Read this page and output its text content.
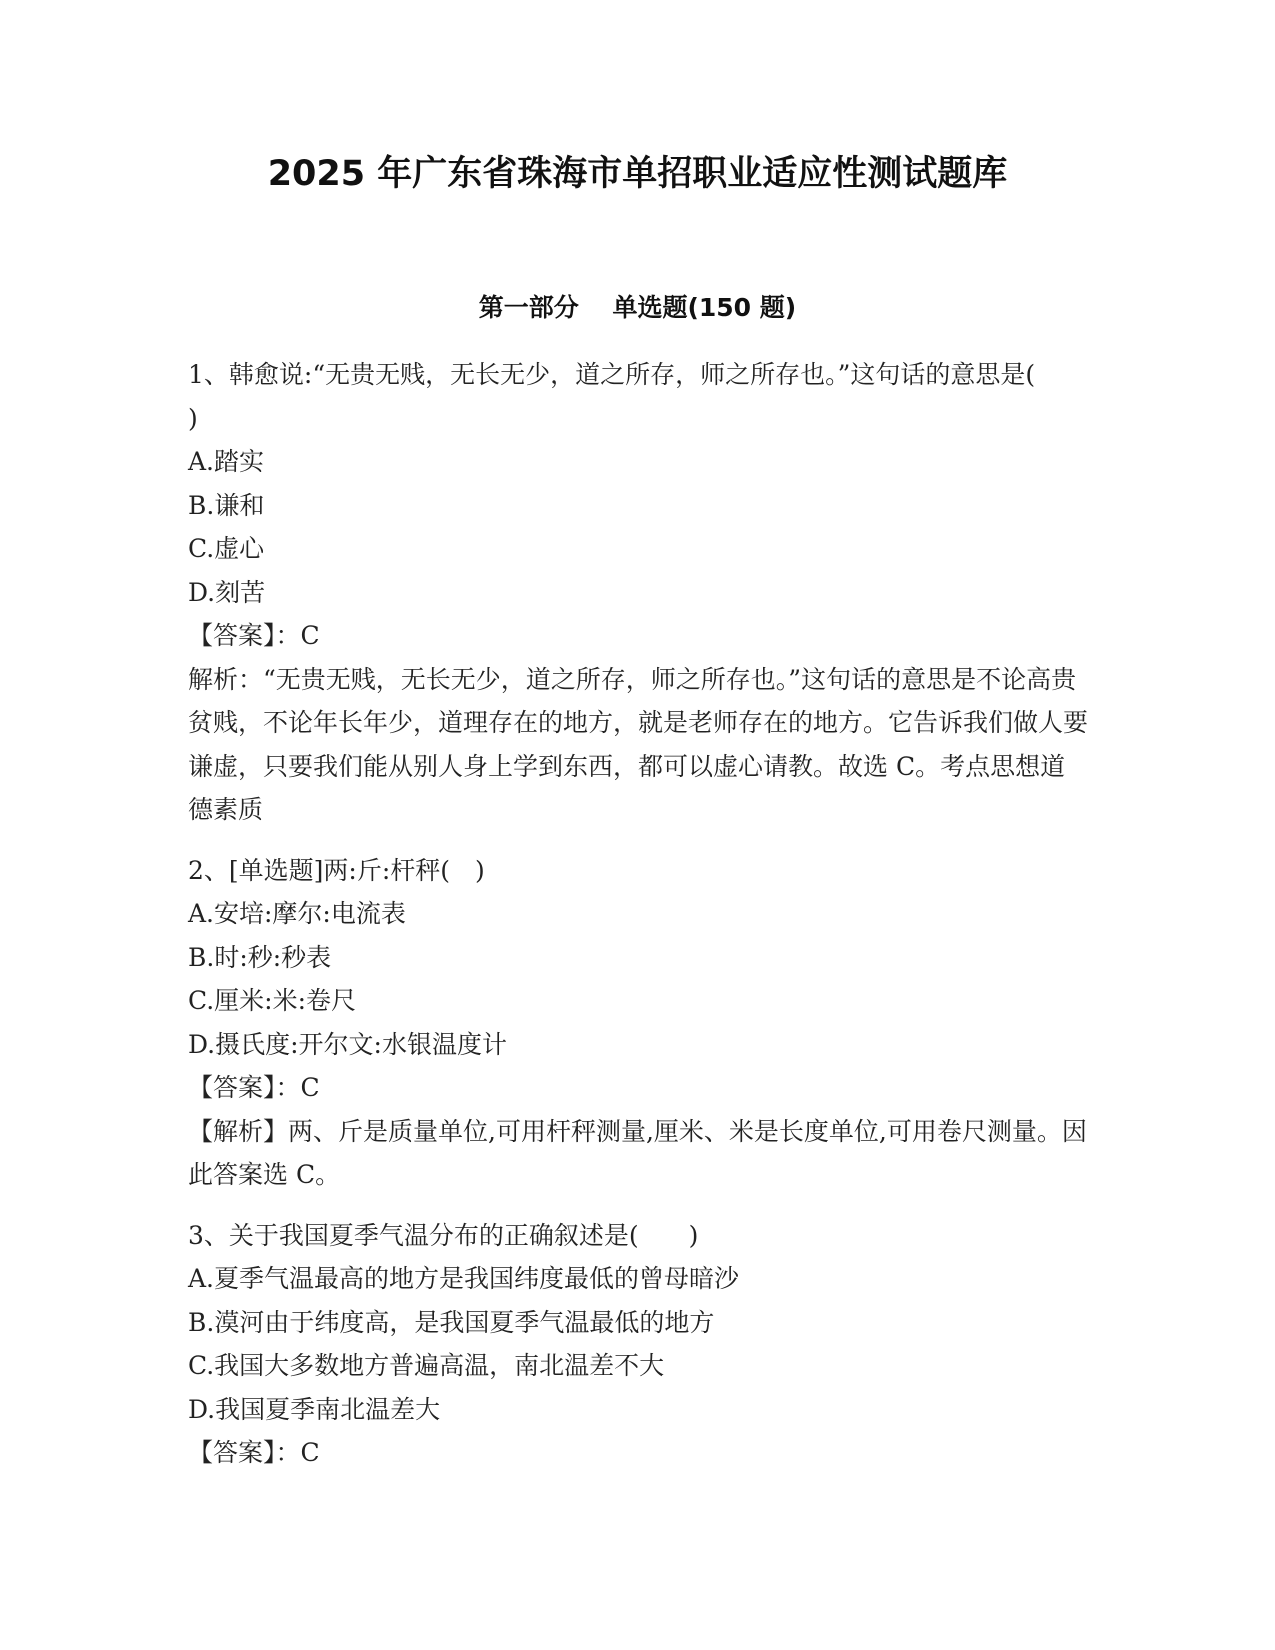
2025 年广东省珠海市单招职业适应性测试题库
第一部分　 单选题(150 题)

1、韩愈说:“无贵无贱，无长无少，道之所存，师之所存也。”这句话的意思是(　　)

A.踏实

B.谦和

C.虚心

D.刻苦

【答案】：C

解析：“无贵无贱，无长无少，道之所存，师之所存也。”这句话的意思是不论高贵贫贱，不论年长年少，道理存在的地方，就是老师存在的地方。它告诉我们做人要谦虚，只要我们能从别人身上学到东西，都可以虚心请教。故选 C。考点思想道德素质

2、[单选题]两:斤:杆秤(　)

A.安培:摩尔:电流表

B.时:秒:秒表

C.厘米:米:卷尺

D.摄氏度:开尔文:水银温度计

【答案】：C

【解析】两、斤是质量单位,可用杆秤测量,厘米、米是长度单位,可用卷尺测量。因此答案选 C。

3、关于我国夏季气温分布的正确叙述是(　　)

A.夏季气温最高的地方是我国纬度最低的曾母暗沙

B.漠河由于纬度高，是我国夏季气温最低的地方

C.我国大多数地方普遍高温，南北温差不大

D.我国夏季南北温差大

【答案】：C
